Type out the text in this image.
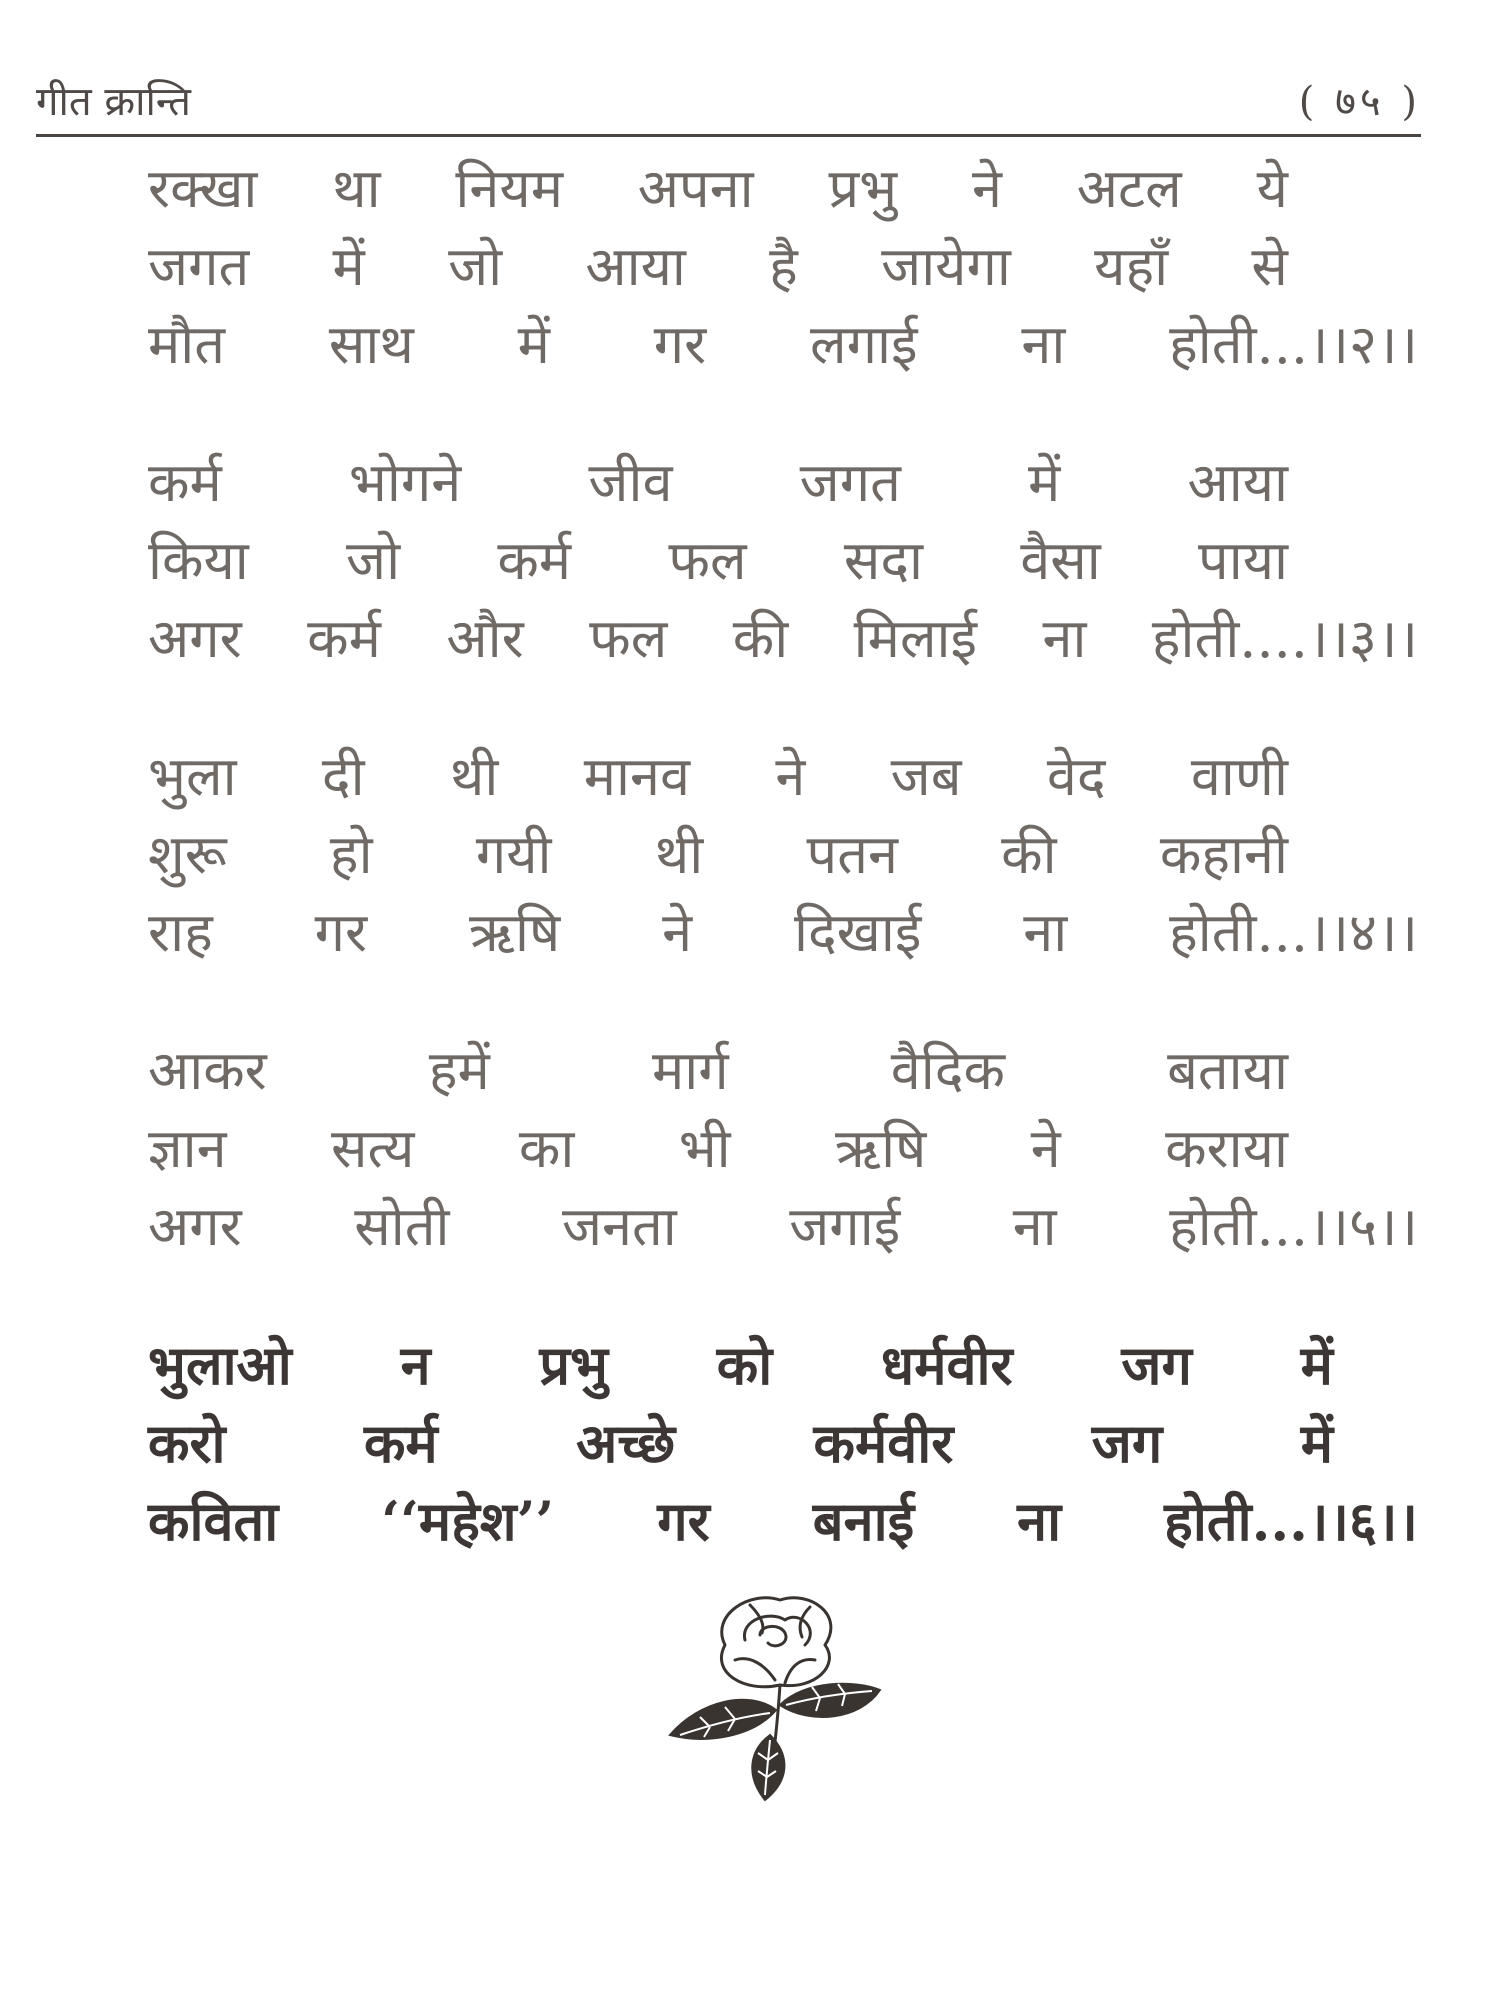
गीत क्रान्ति	( ७५ )
रक्खा था नियम अपना प्रभु ने अटल ये
जगत में जो आया है जायेगा यहाँ से
मौत साथ में गर लगाई ना होती...।।२।।
कर्म भोगने जीव जगत में आया
किया जो कर्म फल सदा वैसा पाया
अगर कर्म और फल की मिलाई ना होती....।।३।।
भुला दी थी मानव ने जब वेद वाणी
शुरू हो गयी थी पतन की कहानी
राह गर ऋषि ने दिखाई ना होती...।।४।।
आकर	हमें	मार्ग	वैदिक	बताया
ज्ञान सत्य का भी ऋषि ने कराया
अगर सोती जनता जगाई ना होती...।।५।।
भुलाओ न प्रभु को धर्मवीर जग में
करो	कर्म	अच्छे	कर्मवीर	जग	में
कविता ‘‘महेश’’ गर बनाई ना होती...।।६।।
